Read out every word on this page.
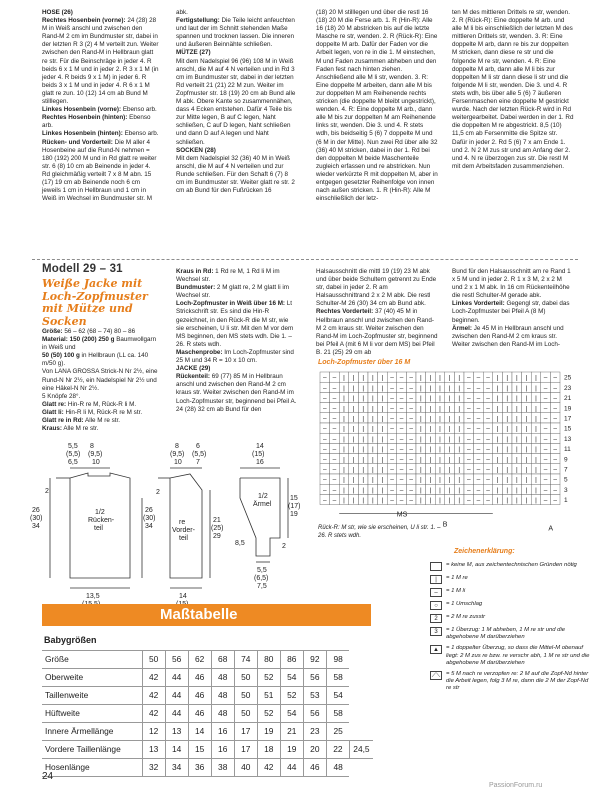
HOSE (26)
Rechtes Hosenbein (vorne): 24 (28) 28 M in Weiß anschl und zwischen den Rand-M 2 cm im Bundmuster str, dabei in der letzten R 3 (2) 4 M verteilt zun. Weiter zwischen den Rand-M in Hellbraun glatt re str. Für die Beinschräge in jeder 4. R beids 6 x 1 M und in jeder 2. R 3 x 1 M (in jeder 4. R beids 9 x 1 M) in jeder 6. R beids 3 x 1 M und in jeder 4. R 6 x 1 M glatt re zun. 10 (12) 14 cm ab Bund M stilllegen.
Linkes Hosenbein (vorne): Ebenso arb.
Rechtes Hosenbein (hinten): Ebenso arb.
Linkes Hosenbein (hinten): Ebenso arb.
Rücken- und Vorderteil: Die M aller 4 Hosenbeine auf die Rund-N nehmen = 180 (192) 200 M und in Rd glatt re weiter str. 6 (8) 10 cm ab Beinende in jeder 4. Rd gleichmäßig verteilt 7 x 8 M abn. 15 (17) 19 cm ab Beinende noch 6 cm jeweils 1 cm in Hellbraun und 1 cm in Weiß im Wechsel im Bundmuster str. M
abk.
Fertigstellung: Die Teile leicht anfeuchten und laut der im Schnitt stehenden Maße spannen und trocknen lassen. Die inneren und äußeren Beinnähte schließen.
MÜTZE (27)
Mit dem Nadelspiel 96 (96) 108 M in Weiß anschl, die M auf 4 N verteilen und in Rd 3 cm im Bundmuster str, dabei in der letzten Rd verteilt 21 (21) 22 M zun. Weiter im Zopfmuster str. 18 (19) 20 cm ab Bund alle M abk. Obere Kante so zusammennähen, dass 4 Ecken entstehen. Dafür 4 Teile bis zur Mitte legen, B auf C legen, Naht schließen, C auf D legen, Naht schließen und dann D auf A legen und Naht schließen.
SOCKEN (28)
Mit dem Nadelspiel 32 (36) 40 M in Weiß anschl, die M auf 4 N verteilen und zur Runde schließen. Für den Schaft 6 (7) 8 cm im Bundmuster str. Weiter glatt re str. 2 cm ab Bund für den Fußrücken 16
(18) 20 M stilllegen und über die restl 16 (18) 20 M die Ferse arb. 1. R (Hin-R): Alle 16 (18) 20 M abstricken bis auf die letzte Masche re str, wenden. 2. R (Rück-R): Eine doppelte M arb. Dafür der Faden vor die Arbeit legen, von re in die 1. M einstechen, M und Faden zusammen abheben und den Faden fest nach hinten ziehen. Anschließend alle M li str, wenden. 3. R: Eine doppelte M arbeiten, dann alle M bis zur doppelten M am Reihenende rechts stricken (die doppelte M bleibt ungestrickt), wenden. 4. R: Eine doppelte M arb., dann alle M bis zur doppelten M am Reihenende links str, wenden. Die 3. und 4. R stets wdh, bis beidseitig 5 (6) 7 doppelte M und (6 M in der Mitte). Nun zwei Rd über alle 32 (36) 40 M stricken, dabei in der 1. Rd bei den doppelten M beide Maschenteile zugleich erfassen und re abstricken. Nun wieder verkürzte R mit doppelten M, aber in entgegen gesetzter Reihenfolge von innen nach außen stricken. 1. R (Hin-R): Alle M einschließlich der letz-
ten M des mittleren Drittels re str, wenden. 2. R (Rück-R): Eine doppelte M arb. und alle M li bis einschließlich der letzten M des mittleren Drittels str, wenden. 3. R: Eine doppelte M arb, dann re bis zur doppelten M stricken, dann diese re str und die folgende M re str, wenden. 4. R: Eine doppelte M arb, dann alle M li bis zur doppelten M li str dann diese li str und die folgende M li str, wenden. Die 3. und 4. R stets wdh, bis über alle 5 (6) 7 äußeren Fersenmaschen eine doppelte M gestrickt wurde. Nach der letzten Rück-R wird in Rd weitergearbeitet. Dabei werden in der 1. Rd die doppelten M re abgestrickt. 8,5 (10) 11,5 cm ab Fersenmitte die Spitze str. Dafür in jeder 2. Rd 5 (6) 7 x am Ende 1. und 2. N 2 M zus str und am Anfang der 2. und 4. N re überzogen zus str. Die restl M mit dem Arbeitsfaden zusammenziehen.
Modell 29 – 31
Weiße Jacke mit Loch-Zopfmuster mit Mütze und Socken
Größe: 56 – 62 (68 – 74) 80 – 86
Material: 150 (200) 250 g Baumwollgarn in Weiß und
50 (50) 100 g in Hellbraun (LL ca. 140 m/50 g).
Von LANA GROSSA Strick-N Nr 2½, eine Rund-N Nr 2½, ein Nadelspiel Nr 2½ und eine Häkel-N Nr 2½.
5 Knöpfe 28°.
Glatt re: Hin-R re M, Rück-R li M.
Glatt li: Hin-R li M, Rück-R re M str.
Glatt re in Rd: Alle M re str.
Kraus: Alle M re str.
Kraus in Rd: 1 Rd re M, 1 Rd li M im Wechsel str.
Bundmuster: 2 M glatt re, 2 M glatt li im Wechsel str.
Loch-Zopfmuster in Weiß über 16 M: Lt Strickschrift str. Es sind die Hin-R gezeichnet, in den Rück-R die M str, wie sie erscheinen, U li str. Mit den M vor dem MS beginnen, den MS stets wdh. Die 1. – 26. R stets wdh.
Maschenprobe: Im Loch-Zopfmuster sind 25 M und 34 R = 10 x 10 cm.
JACKE (29)
Rückenteil: 69 (77) 85 M in Hellbraun anschl und zwischen den Rand-M 2 cm kraus str. Weiter zwischen den Rand-M im Loch-Zopfmuster str, beginnend bei Pfeil A. 24 (28) 32 cm ab Bund für den
Halsausschnitt die mittl 19 (19) 23 M abk und über beide Schultern getrennt zu Ende str, dabei in jeder 2. R am Halsausschnittrand 2 x 2 M abk. Die restl Schulter-M 26 (30) 34 cm ab Bund abk.
Rechtes Vorderteil: 37 (40) 45 M in Hellbraun anschl und zwischen den Rand-M 2 cm kraus str. Weiter zwischen den Rand-M im Loch-Zopfmuster str, beginnend bei Pfeil A (mit 6 M li vor dem MS) bei Pfeil B. 21 (25) 29 cm ab
Bund für den Halsausschnitt am re Rand 1 x 5 M und in jeder 2. R 1 x 3 M, 2 x 2 M und 2 x 1 M abk. In 16 cm Rückenteilhöhe die restl Schulter-M gerade abk.
Linkes Vorderteil: Gegengl str, dabei das Loch-Zopfmuster bei Pfeil A (8 M) beginnen.
Ärmel: Je 45 M in Hellbraun anschl und zwischen den Rand-M 2 cm kraus str. Weiter zwischen den Rand-M im Loch-
5,5
(5,5)
6,5
8
(9,5)
10
2
26
(30)
34
26
(30)
34
1/2
Rücken-
teil
13,5
8
(9,5)
10
6
(5,5)
7
2
re
Vorder-
teil
21
(25)
29
14
14
(15)
16
1/2
Ärmel
15
(17)
19
2
8,5
5,5
(6,5)
7,5
Loch-Zopfmuster über 16 M
– – | | | | | – – – | | | | | – – – | | | | | – –
– – | | | | | – – – | | | | | – – – | | | | | – –
– – | | | | | – – – | | | | | – – – | | | | | – –
– – | | | | | – – – | | | | | – – – | | | | | – –
– – | | | | | – – – | | | | | – – – | | | | | – –
– – | | | | | – – – | | | | | – – – | | | | | – –
– – | | | | | – – – | | | | | – – – | | | | | – –
– – | | | | | – – – | | | | | – – – | | | | | – –
– – | | | | | – – – | | | | | – – – | | | | | – –
– – | | | | | – – – | | | | | – – – | | | | | – –
– – | | | | | – – – | | | | | – – – | | | | | – –
– – | | | | | – – – | | | | | – – – | | | | | – –
– – | | | | | – – – | | | | | – – – | | | | | – –
25
23
21
19
17
15
13
11
9
7
5
3
1
MS
B
A
Rück-R: M str, wie sie erscheinen, U li str. 1. – 26. R stets wdh.
Zeichenerklärung:
= keine M, aus zeichentechnischen Gründen nötig
|	= 1 M re
–	= 1 M li
○	= 1 Umschlag
2	= 2 M re zusstr
3	= 1 Überzug: 1 M abheben, 1 M re str und die abgehobene M darüberziehen
▲	= 1 doppelter Überzug, so dass die Mittel-M obenauf liegt: 2 M zus re bzw. re verschr abh, 1 M re str und die abgehobene M darüberziehen
⟋⟍ = 5 M nach re verzopfen re: 2 M auf die Zopf-Nd hinter die Arbeit legen, folg 3 M re, dann die 2 M der Zopf-Nd re str
Maßtabelle
Babygrößen
Größe	50	56	62	68	74	80	86	92	98	
Oberweite	42	44	46	48	50	52	54	56	58	
Taillenweite	42	44	46	48	50	51	52	53	54	
Hüftweite	42	44	46	48	50	52	54	56	58	
Innere Ärmellänge	12	13	14	16	17	19	21	23	25	
Vordere Taillenlänge	13	14	15	16	17	18	19	20	22	24,5
Hosenlänge	32	34	36	38	40	42	44	46	48	
24
PassionForum.ru
